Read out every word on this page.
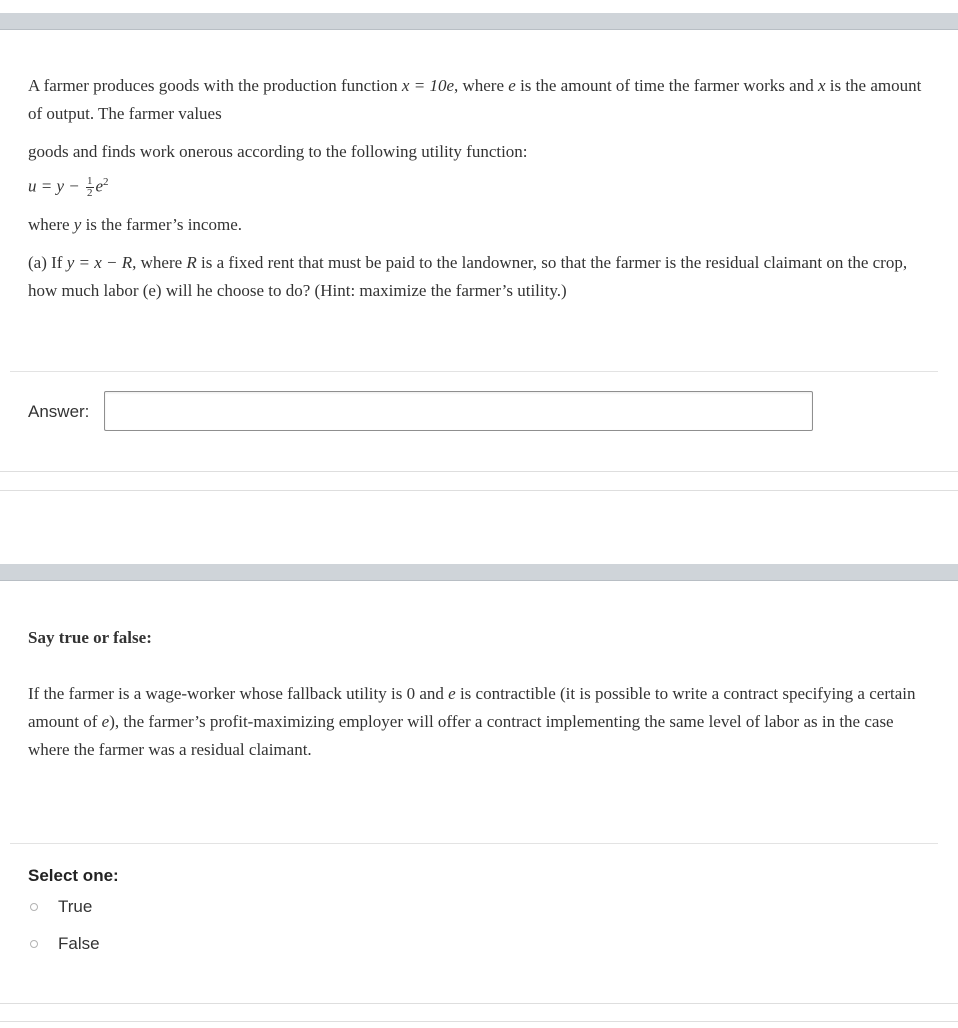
A farmer produces goods with the production function x = 10e, where e is the amount of time the farmer works and x is the amount of output. The farmer values

goods and finds work onerous according to the following utility function:

$u = y - \frac{1}{2} e^2$

where y is the farmer’s income.

(a) If y = x − R, where R is a fixed rent that must be paid to the landowner, so that the farmer is the residual claimant on the crop, how much labor (e) will he choose to do? (Hint: maximize the farmer’s utility.)

Answer:
Say true or false:

If the farmer is a wage-worker whose fallback utility is 0 and e is contractible (it is possible to write a contract specifying a certain amount of e), the farmer’s profit-maximizing employer will offer a contract implementing the same level of labor as in the case where the farmer was a residual claimant.

Select one:
True
False
